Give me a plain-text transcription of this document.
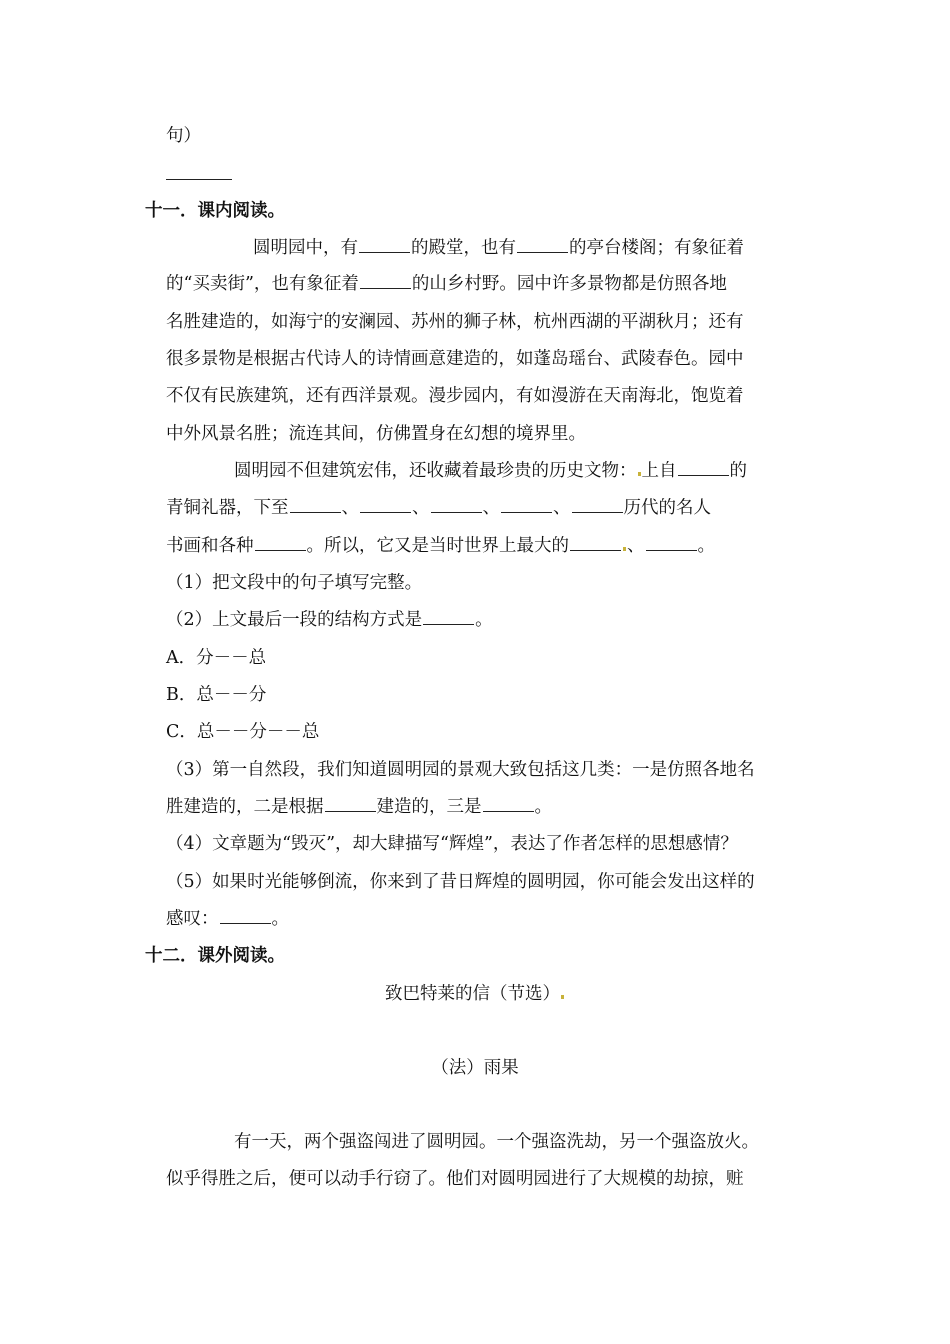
句）
十一．课内阅读。
圆明园中，有	的殿堂，也有	的亭台楼阁；有象征着
的“买卖街”，也有象征着	的山乡村野。园中许多景物都是仿照各地
名胜建造的，如海宁的安澜园、苏州的狮子林，杭州西湖的平湖秋月；还有
很多景物是根据古代诗人的诗情画意建造的，如蓬岛瑶台、武陵春色。园中
不仅有民族建筑，还有西洋景观。漫步园内，有如漫游在天南海北，饱览着
中外风景名胜；流连其间，仿佛置身在幻想的境界里。
圆明园不但建筑宏伟，还收藏着最珍贵的历史文物： 上自	的
青铜礼器，下至	、	、	、	、	历代的名人
书画和各种	。所以，它又是当时世界上最大的	、	。
（1）把文段中的句子填写完整。
（2）上文最后一段的结构方式是	。
A．分－－总
B．总－－分
C．总－－分－－总
（3）第一自然段，我们知道圆明园的景观大致包括这几类：一是仿照各地名
胜建造的，二是根据	建造的，三是	。
（4）文章题为“毁灭”，却大肆描写“辉煌”，表达了作者怎样的思想感情？
（5）如果时光能够倒流，你来到了昔日辉煌的圆明园，你可能会发出这样的
感叹：	。
十二．课外阅读。
致巴特莱的信（节选）
（法）雨果
有一天，两个强盗闯进了圆明园。一个强盗洗劫，另一个强盗放火。
似乎得胜之后，便可以动手行窃了。他们对圆明园进行了大规模的劫掠，赃
